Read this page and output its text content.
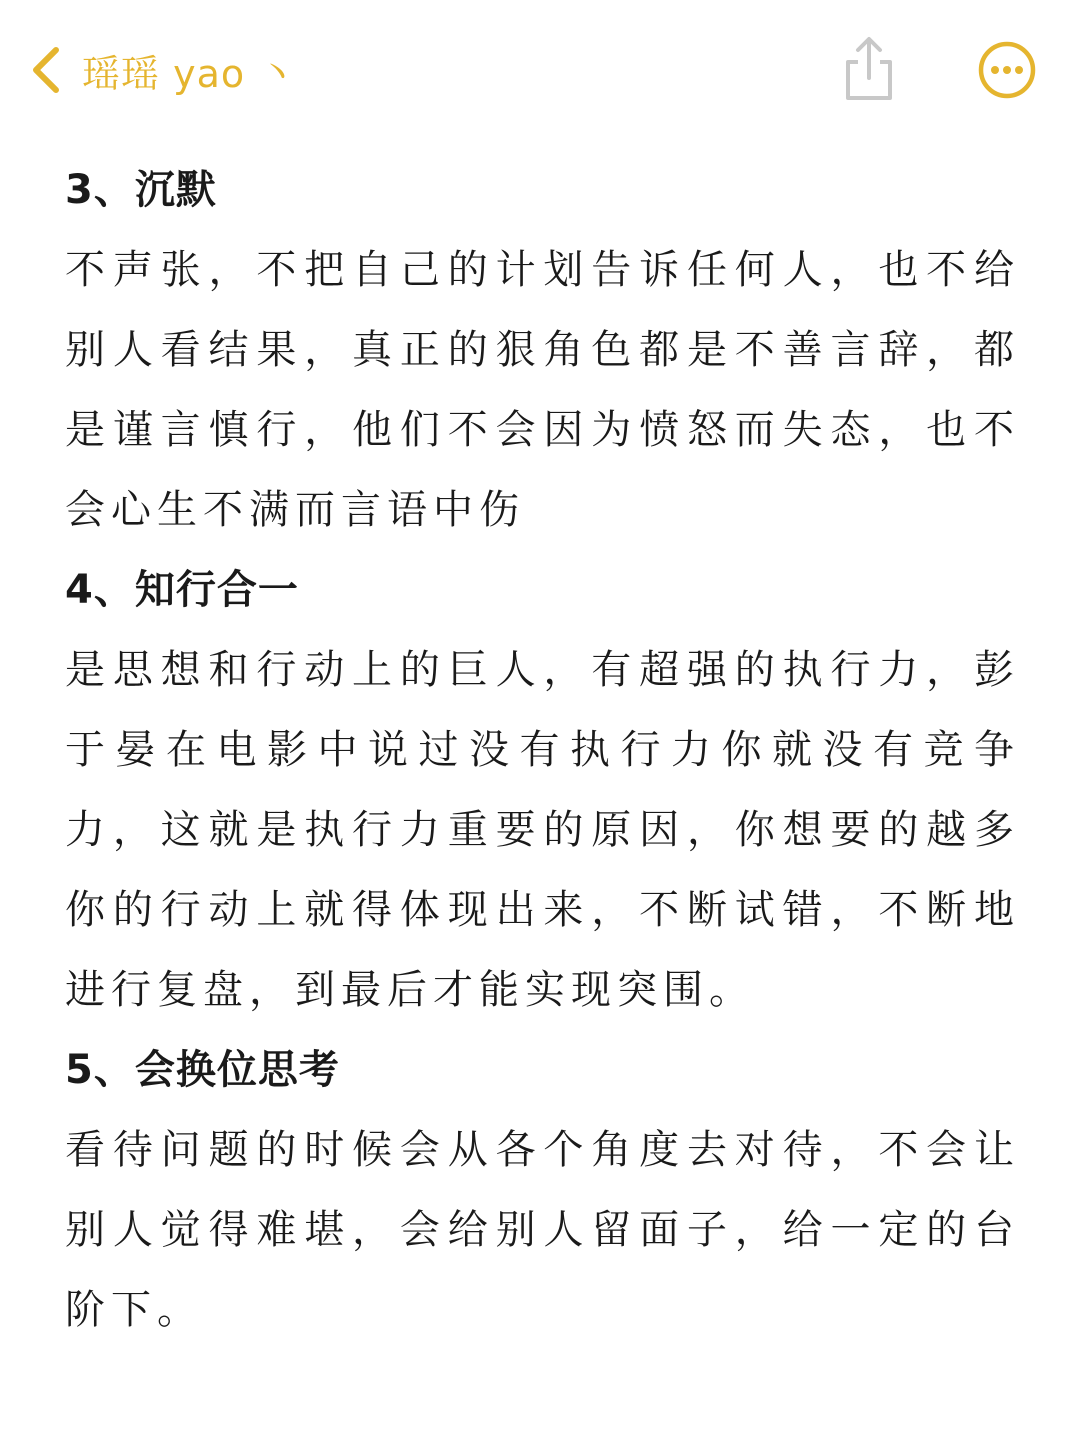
瑶瑶 yao 丶
3、沉默

不声张，不把自己的计划告诉任何人，也不给别人看结果，真正的狠角色都是不善言辞，都是谨言慎行，他们不会因为愤怒而失态，也不会心生不满而言语中伤

4、知行合一

是思想和行动上的巨人，有超强的执行力，彭于晏在电影中说过没有执行力你就没有竞争力，这就是执行力重要的原因，你想要的越多你的行动上就得体现出来，不断试错，不断地进行复盘，到最后才能实现突围。

5、会换位思考

看待问题的时候会从各个角度去对待，不会让别人觉得难堪，会给别人留面子，给一定的台阶下。
